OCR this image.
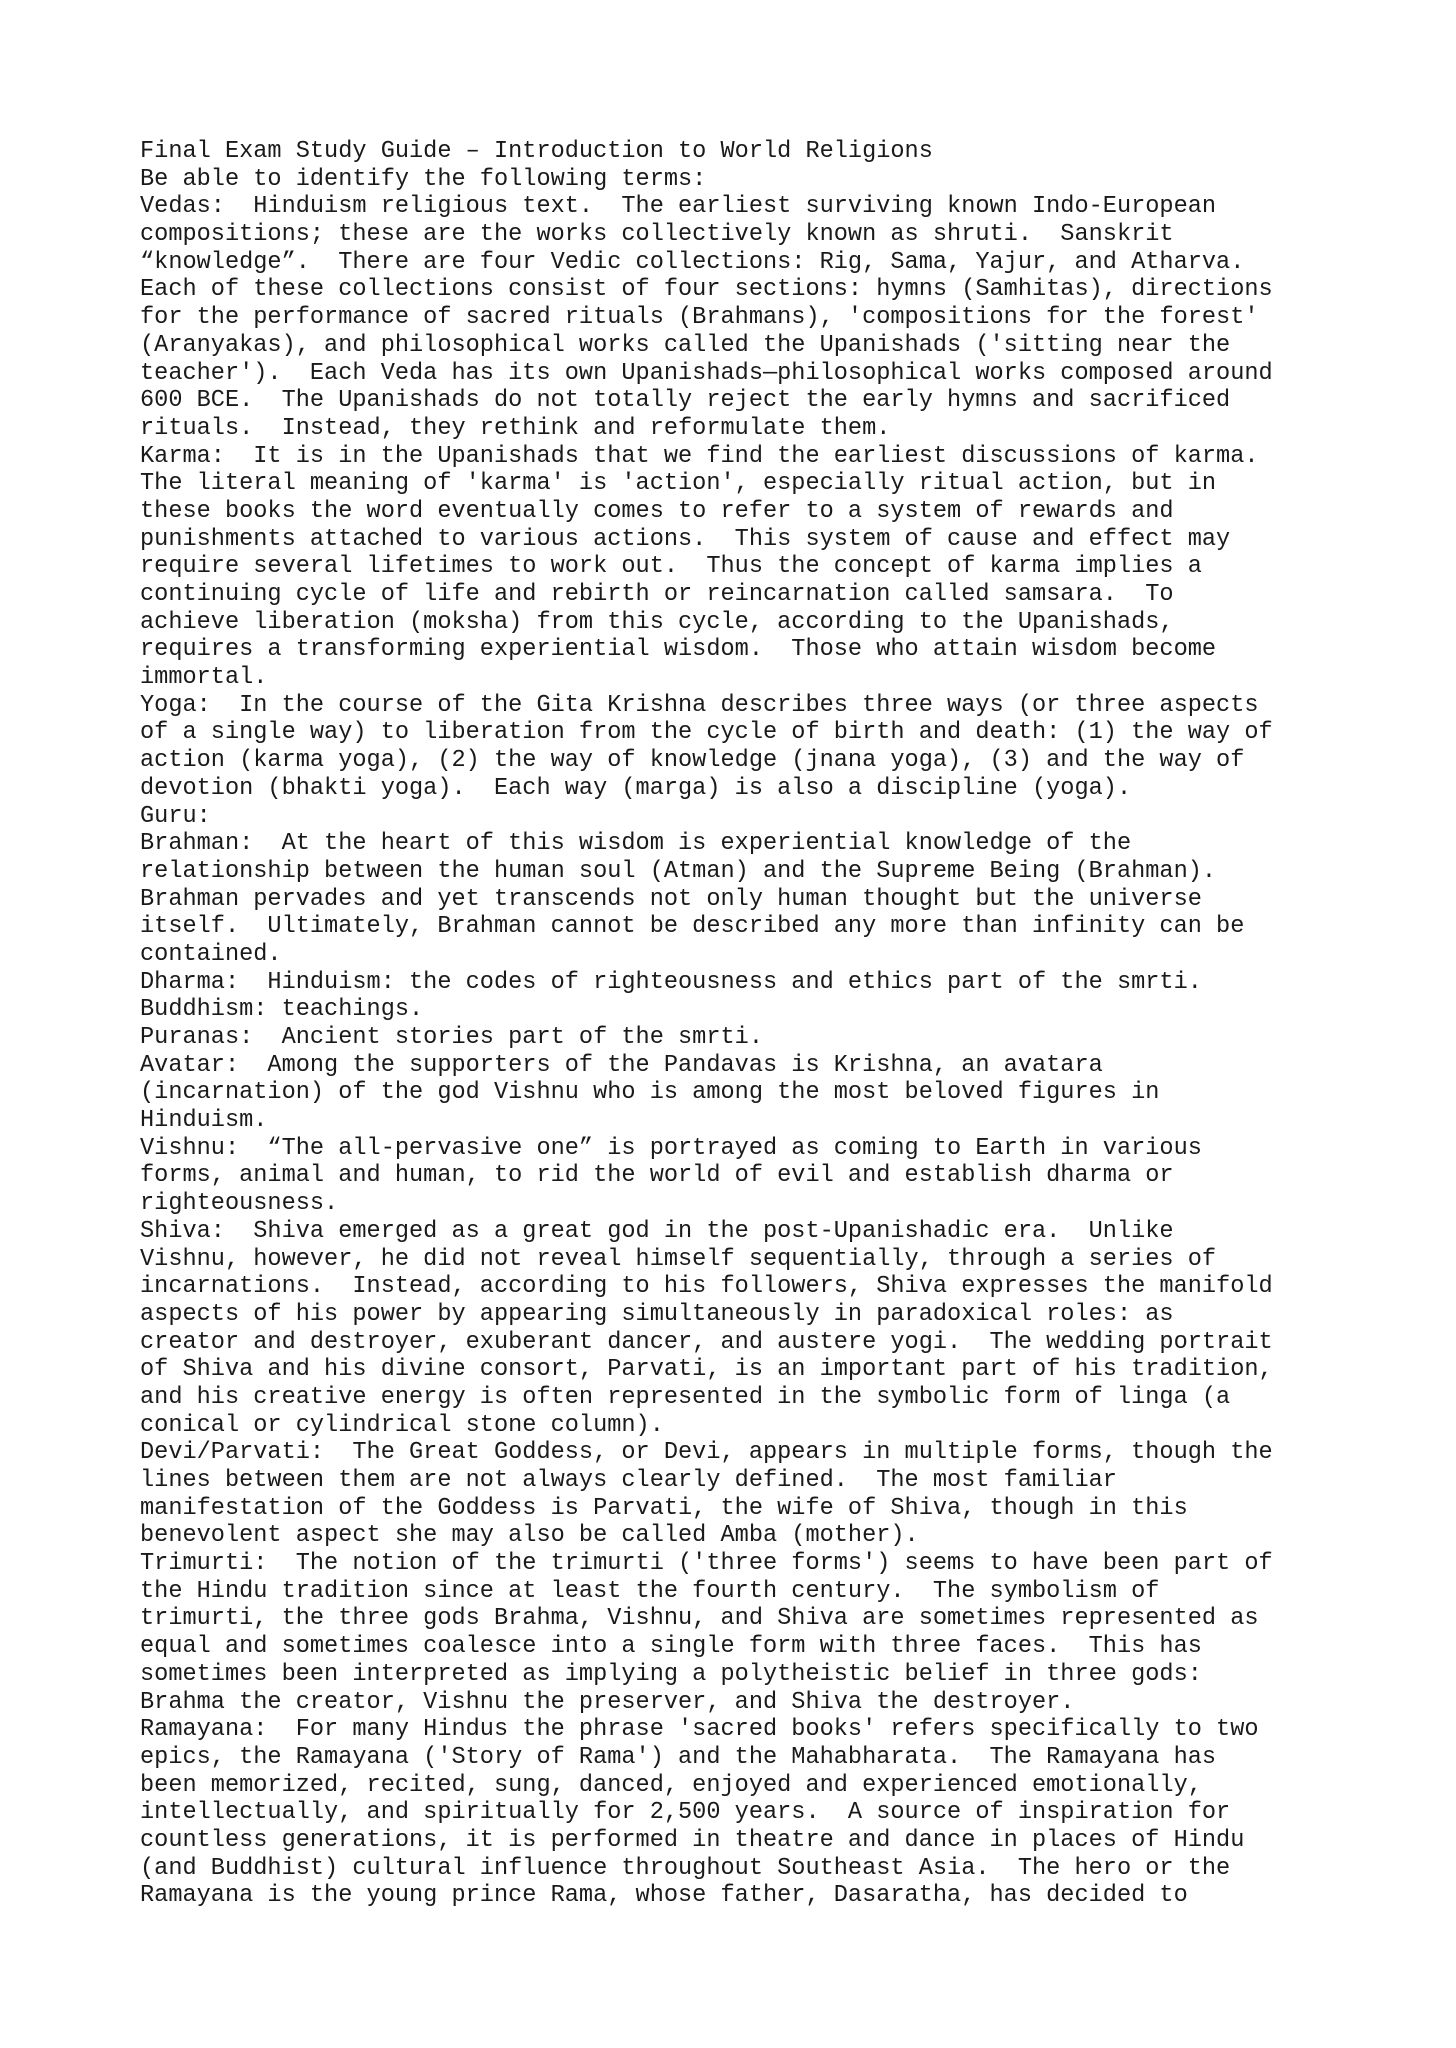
Final Exam Study Guide – Introduction to World Religions
Be able to identify the following terms:
Vedas:  Hinduism religious text.  The earliest surviving known Indo-European
compositions; these are the works collectively known as shruti.  Sanskrit
“knowledge”.  There are four Vedic collections: Rig, Sama, Yajur, and Atharva.
Each of these collections consist of four sections: hymns (Samhitas), directions
for the performance of sacred rituals (Brahmans), 'compositions for the forest'
(Aranyakas), and philosophical works called the Upanishads ('sitting near the
teacher').  Each Veda has its own Upanishads—philosophical works composed around
600 BCE.  The Upanishads do not totally reject the early hymns and sacrificed
rituals.  Instead, they rethink and reformulate them.
Karma:  It is in the Upanishads that we find the earliest discussions of karma.
The literal meaning of 'karma' is 'action', especially ritual action, but in
these books the word eventually comes to refer to a system of rewards and
punishments attached to various actions.  This system of cause and effect may
require several lifetimes to work out.  Thus the concept of karma implies a
continuing cycle of life and rebirth or reincarnation called samsara.  To
achieve liberation (moksha) from this cycle, according to the Upanishads,
requires a transforming experiential wisdom.  Those who attain wisdom become
immortal.
Yoga:  In the course of the Gita Krishna describes three ways (or three aspects
of a single way) to liberation from the cycle of birth and death: (1) the way of
action (karma yoga), (2) the way of knowledge (jnana yoga), (3) and the way of
devotion (bhakti yoga).  Each way (marga) is also a discipline (yoga).
Guru:
Brahman:  At the heart of this wisdom is experiential knowledge of the
relationship between the human soul (Atman) and the Supreme Being (Brahman).
Brahman pervades and yet transcends not only human thought but the universe
itself.  Ultimately, Brahman cannot be described any more than infinity can be
contained.
Dharma:  Hinduism: the codes of righteousness and ethics part of the smrti.
Buddhism: teachings.
Puranas:  Ancient stories part of the smrti.
Avatar:  Among the supporters of the Pandavas is Krishna, an avatara
(incarnation) of the god Vishnu who is among the most beloved figures in
Hinduism.
Vishnu:  “The all-pervasive one” is portrayed as coming to Earth in various
forms, animal and human, to rid the world of evil and establish dharma or
righteousness.
Shiva:  Shiva emerged as a great god in the post-Upanishadic era.  Unlike
Vishnu, however, he did not reveal himself sequentially, through a series of
incarnations.  Instead, according to his followers, Shiva expresses the manifold
aspects of his power by appearing simultaneously in paradoxical roles: as
creator and destroyer, exuberant dancer, and austere yogi.  The wedding portrait
of Shiva and his divine consort, Parvati, is an important part of his tradition,
and his creative energy is often represented in the symbolic form of linga (a
conical or cylindrical stone column).
Devi/Parvati:  The Great Goddess, or Devi, appears in multiple forms, though the
lines between them are not always clearly defined.  The most familiar
manifestation of the Goddess is Parvati, the wife of Shiva, though in this
benevolent aspect she may also be called Amba (mother).
Trimurti:  The notion of the trimurti ('three forms') seems to have been part of
the Hindu tradition since at least the fourth century.  The symbolism of
trimurti, the three gods Brahma, Vishnu, and Shiva are sometimes represented as
equal and sometimes coalesce into a single form with three faces.  This has
sometimes been interpreted as implying a polytheistic belief in three gods:
Brahma the creator, Vishnu the preserver, and Shiva the destroyer.
Ramayana:  For many Hindus the phrase 'sacred books' refers specifically to two
epics, the Ramayana ('Story of Rama') and the Mahabharata.  The Ramayana has
been memorized, recited, sung, danced, enjoyed and experienced emotionally,
intellectually, and spiritually for 2,500 years.  A source of inspiration for
countless generations, it is performed in theatre and dance in places of Hindu
(and Buddhist) cultural influence throughout Southeast Asia.  The hero or the
Ramayana is the young prince Rama, whose father, Dasaratha, has decided to
